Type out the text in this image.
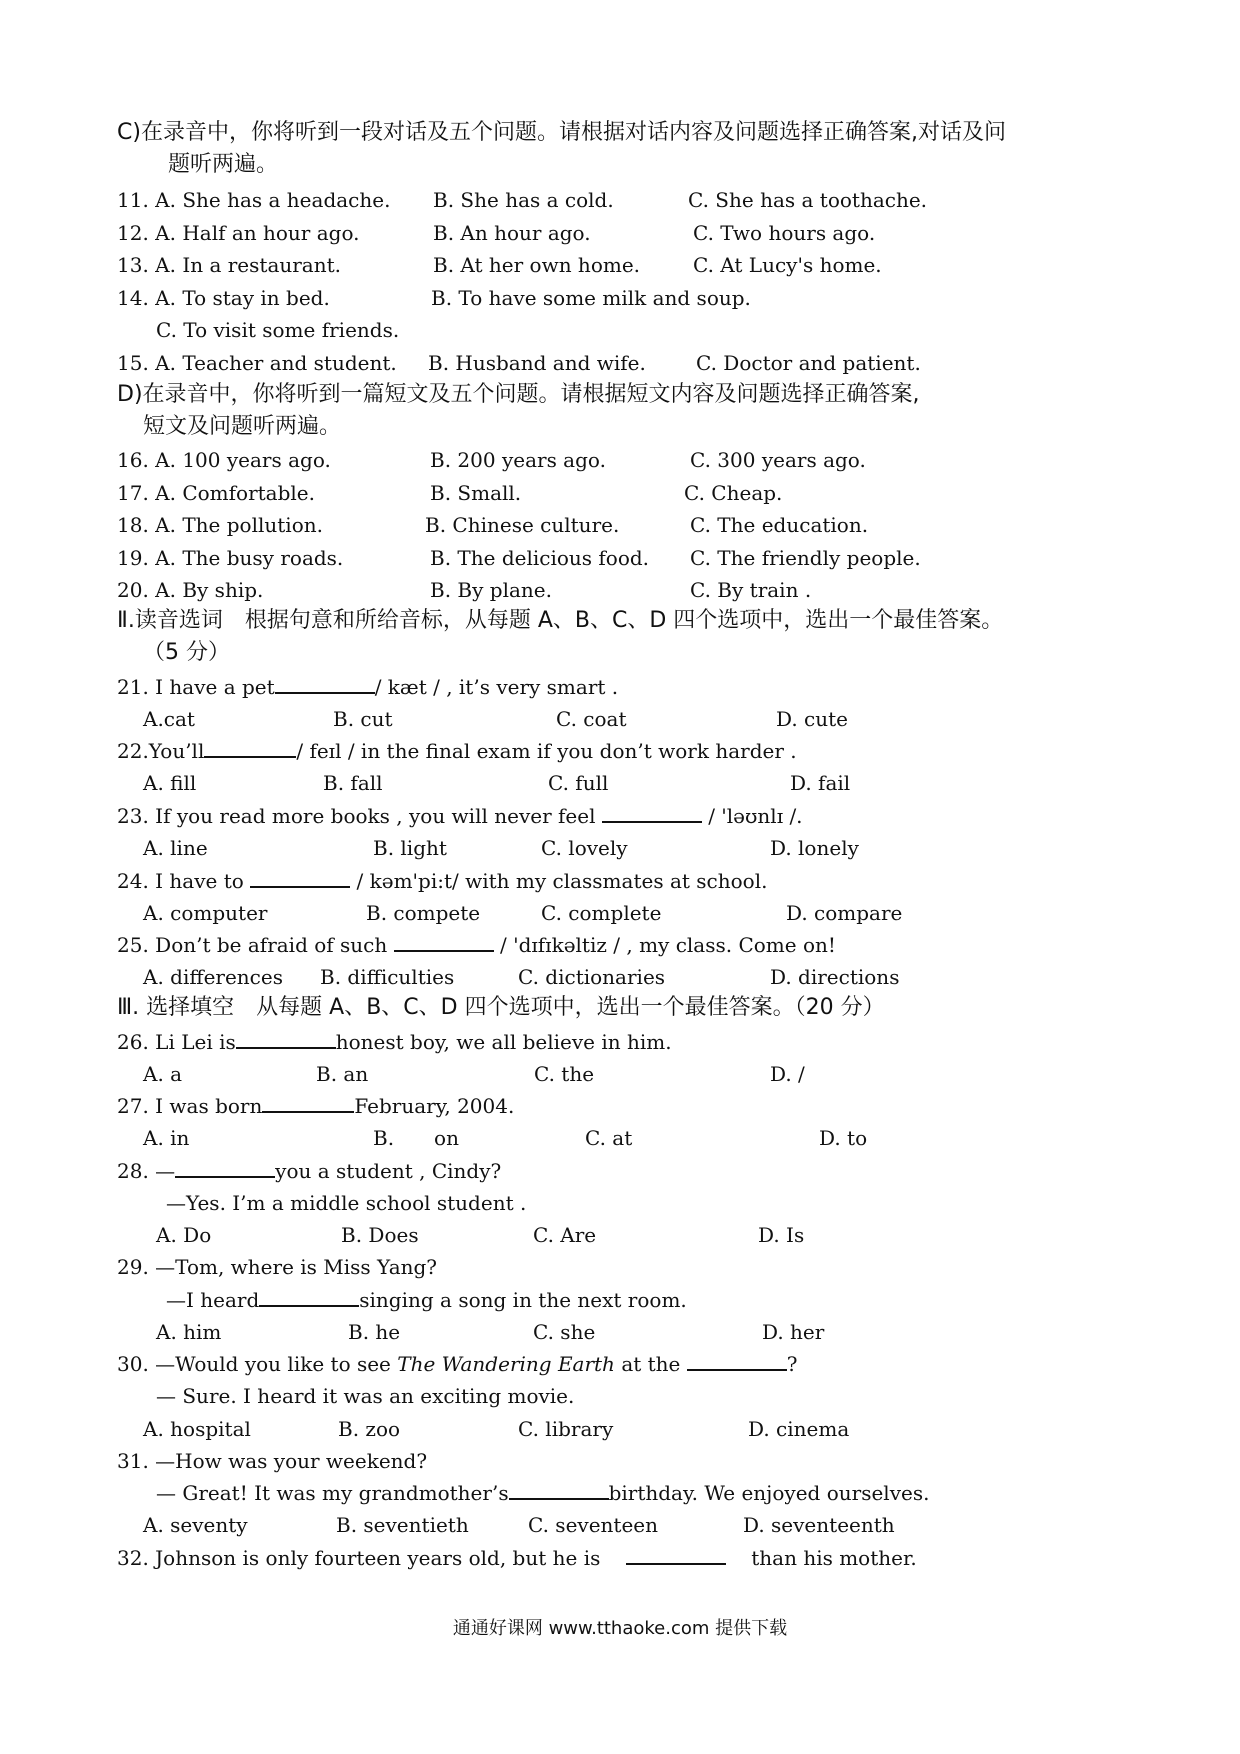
C)在录音中，你将听到一段对话及五个问题。请根据对话内容及问题选择正确答案,对话及问
题听两遍。
11. A. She has a headache. B. She has a cold.	C. She has a toothache.
12. A. Half an hour ago.	B. An hour ago.	C. Two hours ago.
13. A. In a restaurant.	B. At her own home.	C. At Lucy's home.
14. A. To stay in bed.	B. To have some milk and soup.
C. To visit some friends.
15. A. Teacher and student. B. Husband and wife.	C. Doctor and patient.
D)在录音中，你将听到一篇短文及五个问题。请根据短文内容及问题选择正确答案,
短文及问题听两遍。
16. A. 100 years ago.	B. 200 years ago.	C. 300 years ago.
17. A. Comfortable.	B. Small.	C. Cheap.
18. A. The pollution.	B. Chinese culture.	C. The education.
19. A. The busy roads.	B. The delicious food. C. The friendly people.
20. A. By ship.	B. By plane.	C. By train .
Ⅱ.读音选词　根据句意和所给音标，从每题 A、B、C、D 四个选项中，选出一个最佳答案。
（5 分）
21. I have a pet	/ kæt / , it’s very smart .
A.cat	B. cut	C. coat	D. cute
22.You’ll	/ feɪl / in the final exam if you don’t work harder .
A. fill	B. fall	C. full	D. fail
23. If you read more books , you will never feel	/ 'ləʊnlɪ /.
A. line	B. light	C. lovely	D. lonely
24. I have to	/ kəm'pi:t/ with my classmates at school.
A. computer	B. compete	C. complete	D. compare
25. Don’t be afraid of such	/ 'dɪfɪkəltiz / , my class. Come on!
A. differences B. difficulties	C. dictionaries	D. directions
Ⅲ. 选择填空　从每题 A、B、C、D 四个选项中，选出一个最佳答案。（20 分）
26. Li Lei is	honest boy, we all believe in him.
A. a	B. an	C. the	D. /
27. I was born	February, 2004.
A. in	B.　　on	C. at	D. to
28. —	you a student , Cindy?
—Yes. I’m a middle school student .
A. Do	B. Does	C. Are	D. Is
29. —Tom, where is Miss Yang?
—I heard	singing a song in the next room.
A. him	B. he	C. she	D. her
30. —Would you like to see The Wandering Earth at the	?
— Sure. I heard it was an exciting movie.
A. hospital	B. zoo	C. library	D. cinema
31. —How was your weekend?
— Great! It was my grandmother’s	birthday. We enjoyed ourselves.
A. seventy	B. seventieth	C. seventeen	D. seventeenth
32. Johnson is only fourteen years old, but he is	than his mother.
通通好课网 www.tthaoke.com 提供下载
